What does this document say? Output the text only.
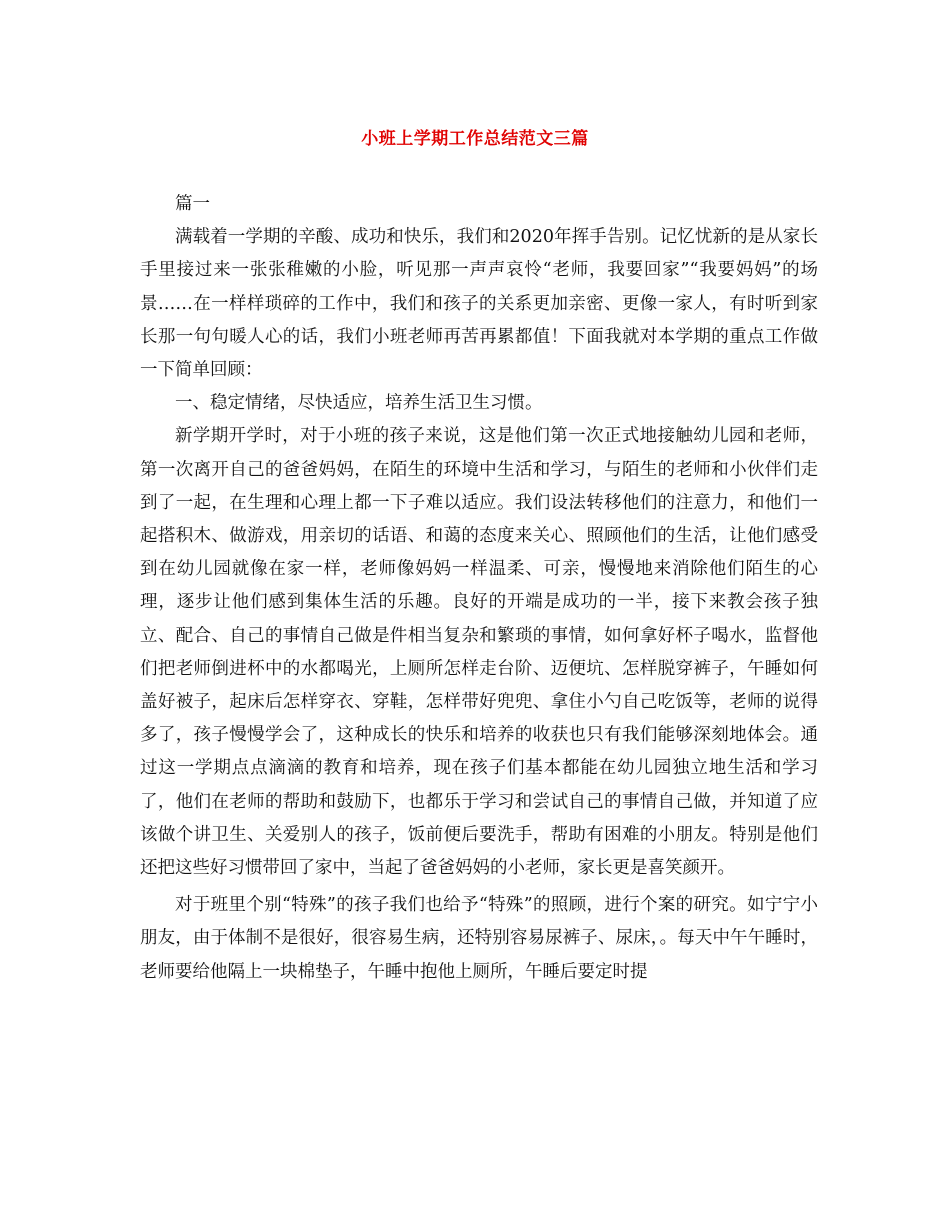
小班上学期工作总结范文三篇

篇一

满载着一学期的辛酸、成功和快乐，我们和2020年挥手告别。记忆忧新的是从家长手里接过来一张张稚嫩的小脸，听见那一声声哀怜“老师，我要回家”“我要妈妈”的场景……在一样样琐碎的工作中，我们和孩子的关系更加亲密、更像一家人，有时听到家长那一句句暖人心的话，我们小班老师再苦再累都值！下面我就对本学期的重点工作做一下简单回顾：

一、稳定情绪，尽快适应，培养生活卫生习惯。

新学期开学时，对于小班的孩子来说，这是他们第一次正式地接触幼儿园和老师，第一次离开自己的爸爸妈妈，在陌生的环境中生活和学习，与陌生的老师和小伙伴们走到了一起，在生理和心理上都一下子难以适应。我们设法转移他们的注意力，和他们一起搭积木、做游戏，用亲切的话语、和蔼的态度来关心、照顾他们的生活，让他们感受到在幼儿园就像在家一样，老师像妈妈一样温柔、可亲，慢慢地来消除他们陌生的心理，逐步让他们感到集体生活的乐趣。良好的开端是成功的一半，接下来教会孩子独立、配合、自己的事情自己做是件相当复杂和繁琐的事情，如何拿好杯子喝水，监督他们把老师倒进杯中的水都喝光，上厕所怎样走台阶、迈便坑、怎样脱穿裤子，午睡如何盖好被子，起床后怎样穿衣、穿鞋，怎样带好兜兜、拿住小勺自己吃饭等，老师的说得多了，孩子慢慢学会了，这种成长的快乐和培养的收获也只有我们能够深刻地体会。通过这一学期点点滴滴的教育和培养，现在孩子们基本都能在幼儿园独立地生活和学习了，他们在老师的帮助和鼓励下，也都乐于学习和尝试自己的事情自己做，并知道了应该做个讲卫生、关爱别人的孩子，饭前便后要洗手，帮助有困难的小朋友。特别是他们还把这些好习惯带回了家中，当起了爸爸妈妈的小老师，家长更是喜笑颜开。

对于班里个别“特殊”的孩子我们也给予“特殊”的照顾，进行个案的研究。如宁宁小朋友，由于体制不是很好，很容易生病，还特别容易尿裤子、尿床，。每天中午午睡时，老师要给他隔上一块棉垫子，午睡中抱他上厕所，午睡后要定时提
